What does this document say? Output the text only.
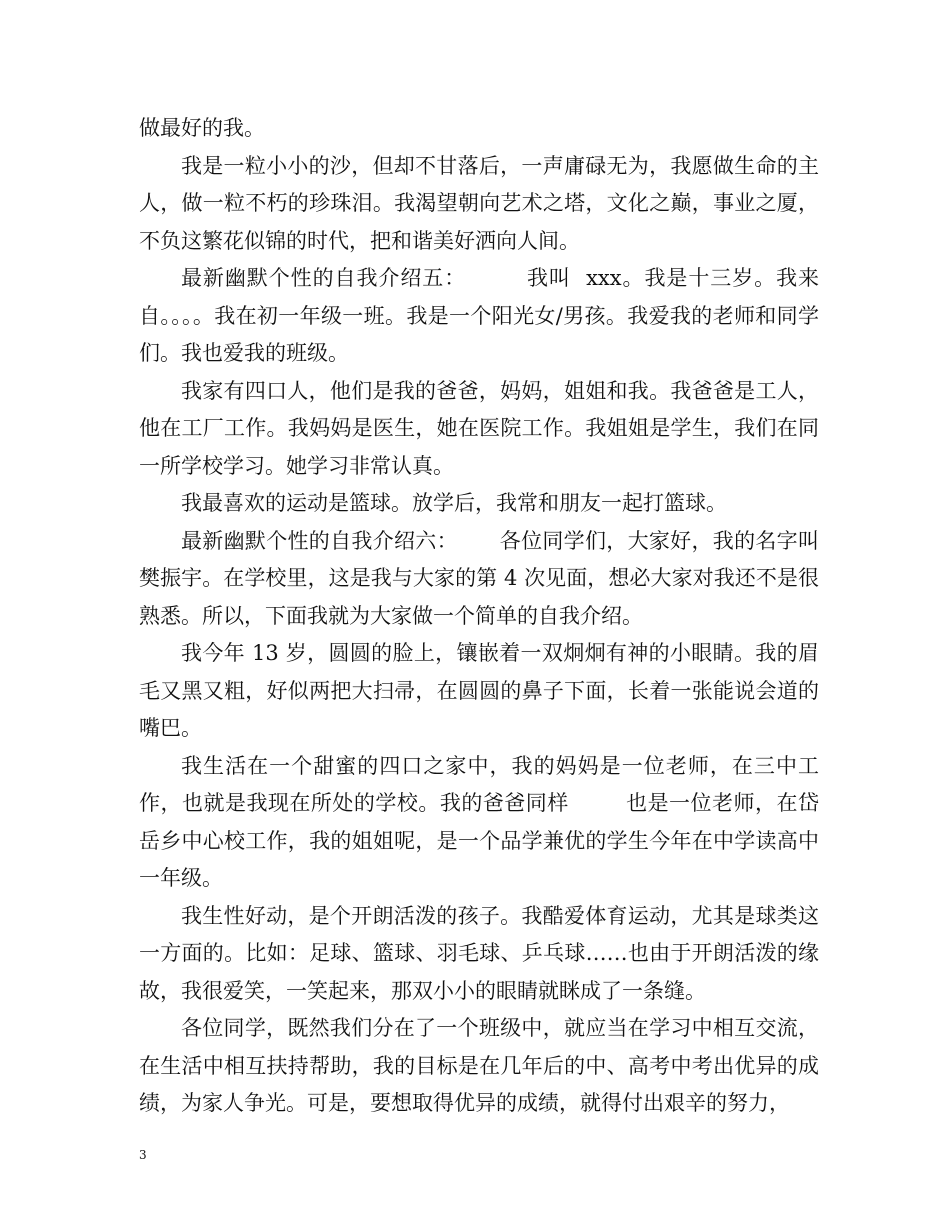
做最好的我。

我是一粒小小的沙，但却不甘落后，一声庸碌无为，我愿做生命的主人，做一粒不朽的珍珠泪。我渴望朝向艺术之塔，文化之巅，事业之厦，不负这繁花似锦的时代，把和谐美好洒向人间。

最新幽默个性的自我介绍五：        我叫  xxx。我是十三岁。我来自。。。。我在初一年级一班。我是一个阳光女/男孩。我爱我的老师和同学们。我也爱我的班级。

我家有四口人，他们是我的爸爸，妈妈，姐姐和我。我爸爸是工人，他在工厂工作。我妈妈是医生，她在医院工作。我姐姐是学生，我们在同一所学校学习。她学习非常认真。

我最喜欢的运动是篮球。放学后，我常和朋友一起打篮球。

最新幽默个性的自我介绍六：      各位同学们，大家好，我的名字叫樊振宇。在学校里，这是我与大家的第 4 次见面，想必大家对我还不是很熟悉。所以，下面我就为大家做一个简单的自我介绍。

我今年 13 岁，圆圆的脸上，镶嵌着一双炯炯有神的小眼睛。我的眉毛又黑又粗，好似两把大扫帚，在圆圆的鼻子下面，长着一张能说会道的嘴巴。

我生活在一个甜蜜的四口之家中，我的妈妈是一位老师，在三中工作，也就是我现在所处的学校。我的爸爸同样        也是一位老师，在岱岳乡中心校工作，我的姐姐呢，是一个品学兼优的学生今年在中学读高中一年级。

我生性好动，是个开朗活泼的孩子。我酷爱体育运动，尤其是球类这一方面的。比如：足球、篮球、羽毛球、乒乓球……也由于开朗活泼的缘故，我很爱笑，一笑起来，那双小小的眼睛就眯成了一条缝。

各位同学，既然我们分在了一个班级中，就应当在学习中相互交流，在生活中相互扶持帮助，我的目标是在几年后的中、高考中考出优异的成绩，为家人争光。可是，要想取得优异的成绩，就得付出艰辛的努力，

3
